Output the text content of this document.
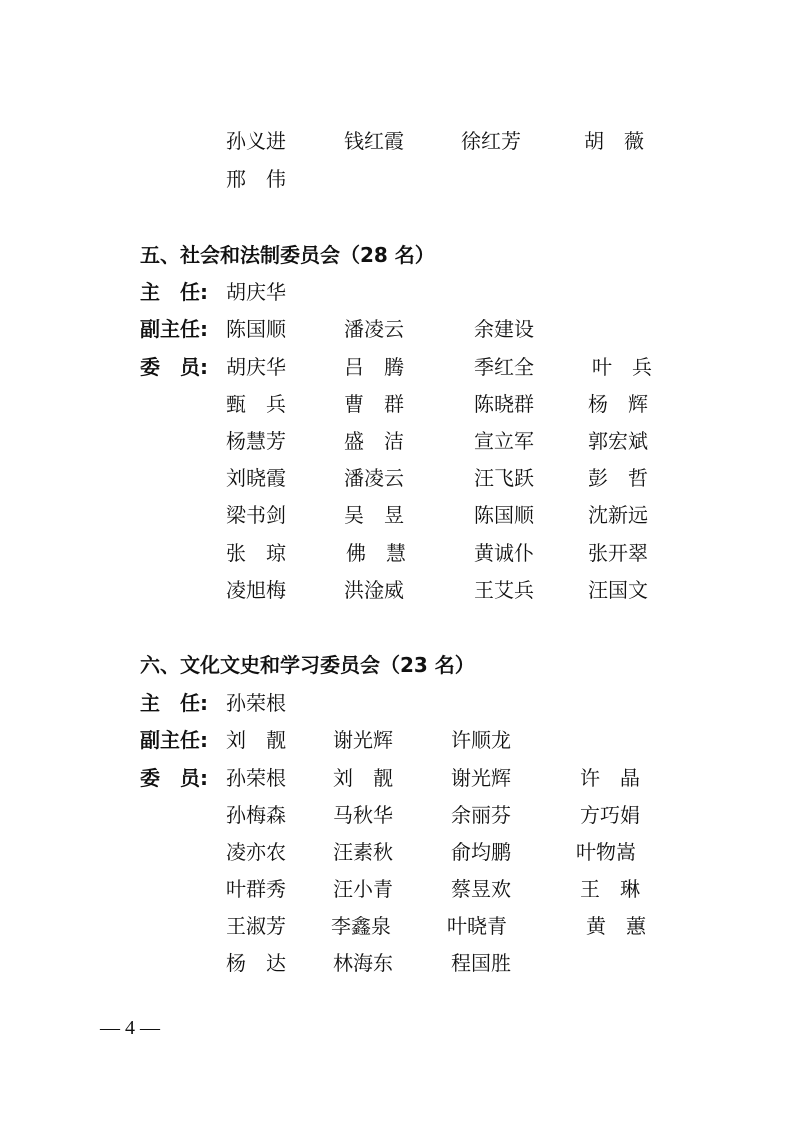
孙义进	钱红霞	徐红芳	胡　薇
邢　伟
五、社会和法制委员会（28 名）
主　任: 胡庆华
副主任: 陈国顺	潘凌云	余建设
委　员: 胡庆华	吕　腾	季红全	叶　兵
甄　兵	曹　群	陈晓群	杨　辉
杨慧芳	盛　洁	宣立军	郭宏斌
刘晓霞	潘凌云	汪飞跃	彭　哲
梁书剑	吴　昱	陈国顺	沈新远
张　琼	佛　慧	黄诚仆	张开翠
凌旭梅	洪淦威	王艾兵	汪国文
六、文化文史和学习委员会（23 名）
主　任: 孙荣根
副主任: 刘　靓 谢光辉	许顺龙
委　员: 孙荣根 刘　靓	谢光辉	许　晶
孙梅森 马秋华	余丽芬	方巧娟
凌亦农 汪素秋	俞均鹏	叶物嵩
叶群秀 汪小青	蔡昱欢	王　琳
王淑芳 李鑫泉	叶晓青	黄　蕙
杨　达 林海东	程国胜
— 4 —
